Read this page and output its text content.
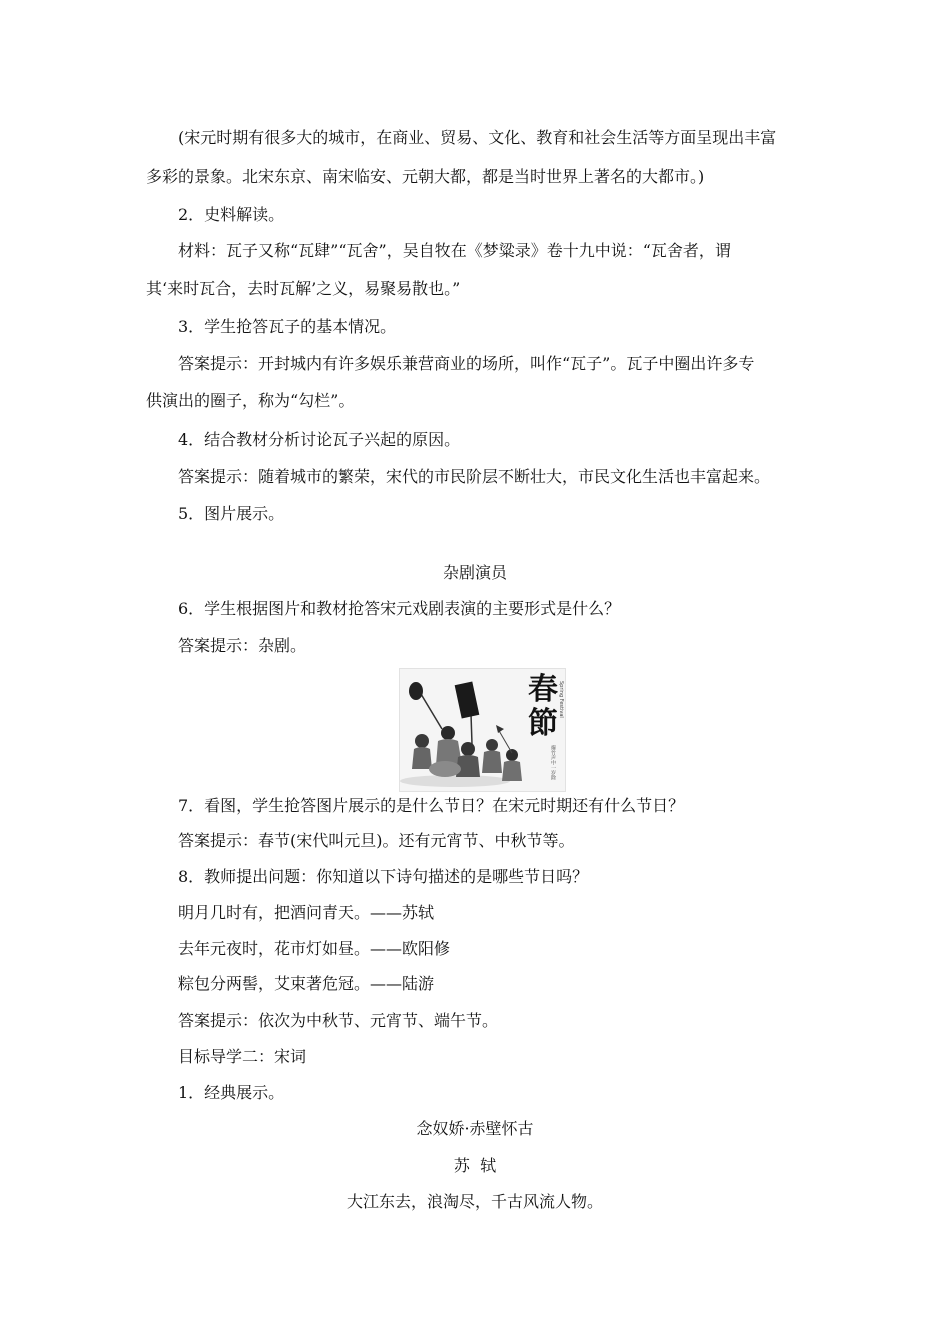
(宋元时期有很多大的城市，在商业、贸易、文化、教育和社会生活等方面呈现出丰富
多彩的景象。北宋东京、南宋临安、元朝大都，都是当时世界上著名的大都市。)
2．史料解读。
材料：瓦子又称“瓦肆”“瓦舍”，吴自牧在《梦粱录》卷十九中说：“瓦舍者，谓
其‘来时瓦合，去时瓦解’之义，易聚易散也。”
3．学生抢答瓦子的基本情况。
答案提示：开封城内有许多娱乐兼营商业的场所，叫作“瓦子”。瓦子中圈出许多专
供演出的圈子，称为“勾栏”。
4．结合教材分析讨论瓦子兴起的原因。
答案提示：随着城市的繁荣，宋代的市民阶层不断壮大，市民文化生活也丰富起来。
5．图片展示。
杂剧演员
6．学生根据图片和教材抢答宋元戏剧表演的主要形式是什么？
答案提示：杂剧。
春
節
Spring Festival
爆竹声中一岁除
7．看图，学生抢答图片展示的是什么节日？在宋元时期还有什么节日？
答案提示：春节(宋代叫元旦)。还有元宵节、中秋节等。
8．教师提出问题：你知道以下诗句描述的是哪些节日吗？
明月几时有，把酒问青天。——苏轼
去年元夜时，花市灯如昼。——欧阳修
粽包分两髻，艾束著危冠。——陆游
答案提示：依次为中秋节、元宵节、端午节。
目标导学二：宋词
1．经典展示。
念奴娇·赤壁怀古
苏  轼
大江东去，浪淘尽，千古风流人物。
